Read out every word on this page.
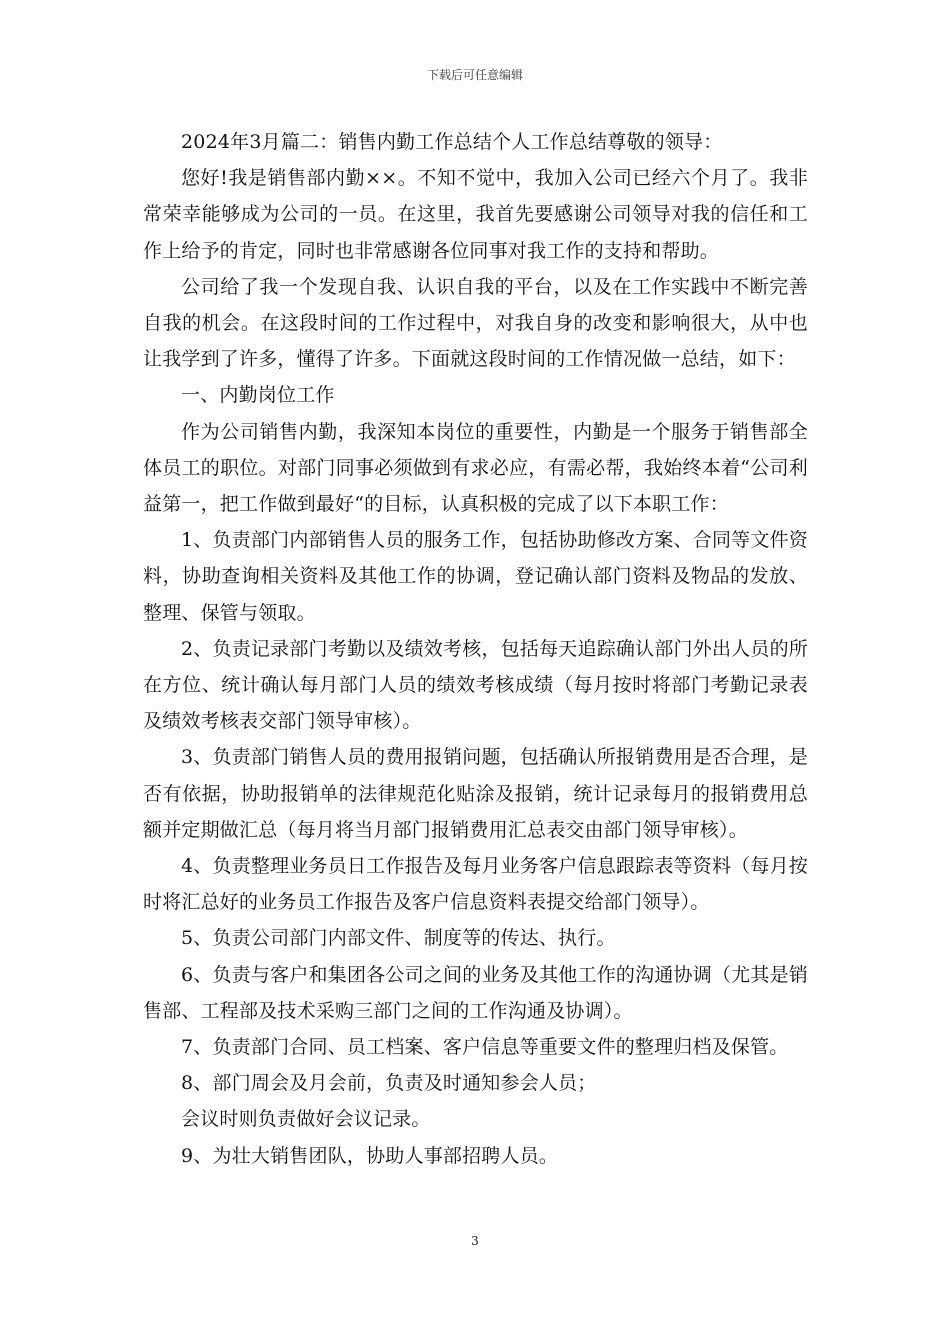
下载后可任意编辑

2024年3月篇二：销售内勤工作总结个人工作总结尊敬的领导：

您好!我是销售部内勤××。不知不觉中，我加入公司已经六个月了。我非常荣幸能够成为公司的一员。在这里，我首先要感谢公司领导对我的信任和工作上给予的肯定，同时也非常感谢各位同事对我工作的支持和帮助。

公司给了我一个发现自我、认识自我的平台，以及在工作实践中不断完善自我的机会。在这段时间的工作过程中，对我自身的改变和影响很大，从中也让我学到了许多，懂得了许多。下面就这段时间的工作情况做一总结，如下：

一、内勤岗位工作

作为公司销售内勤，我深知本岗位的重要性，内勤是一个服务于销售部全体员工的职位。对部门同事必须做到有求必应，有需必帮，我始终本着“公司利益第一，把工作做到最好“的目标，认真积极的完成了以下本职工作：

1、负责部门内部销售人员的服务工作，包括协助修改方案、合同等文件资料，协助查询相关资料及其他工作的协调，登记确认部门资料及物品的发放、整理、保管与领取。

2、负责记录部门考勤以及绩效考核，包括每天追踪确认部门外出人员的所在方位、统计确认每月部门人员的绩效考核成绩（每月按时将部门考勤记录表及绩效考核表交部门领导审核）。

3、负责部门销售人员的费用报销问题，包括确认所报销费用是否合理，是否有依据，协助报销单的法律规范化贴涂及报销，统计记录每月的报销费用总额并定期做汇总（每月将当月部门报销费用汇总表交由部门领导审核）。

4、负责整理业务员日工作报告及每月业务客户信息跟踪表等资料（每月按时将汇总好的业务员工作报告及客户信息资料表提交给部门领导）。

5、负责公司部门内部文件、制度等的传达、执行。

6、负责与客户和集团各公司之间的业务及其他工作的沟通协调（尤其是销售部、工程部及技术采购三部门之间的工作沟通及协调）。

7、负责部门合同、员工档案、客户信息等重要文件的整理归档及保管。

8、部门周会及月会前，负责及时通知参会人员；

会议时则负责做好会议记录。

9、为壮大销售团队，协助人事部招聘人员。

3
